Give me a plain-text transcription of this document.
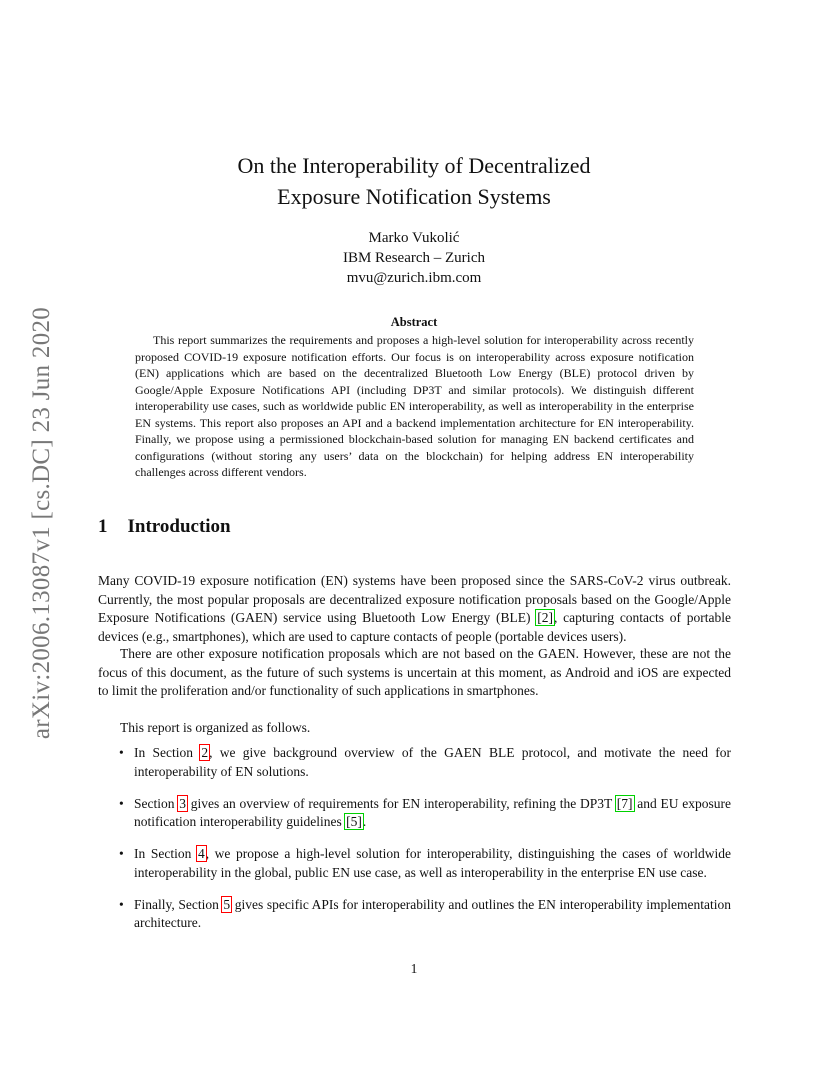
arXiv:2006.13087v1 [cs.DC] 23 Jun 2020
On the Interoperability of Decentralized
Exposure Notification Systems
Marko Vukolić
IBM Research – Zurich
mvu@zurich.ibm.com
Abstract

This report summarizes the requirements and proposes a high-level solution for interoperability across recently proposed COVID-19 exposure notification efforts. Our focus is on interoperability across exposure notification (EN) applications which are based on the decentralized Bluetooth Low Energy (BLE) protocol driven by Google/Apple Exposure Notifications API (including DP3T and similar protocols). We distinguish different interoperability use cases, such as worldwide public EN interoperability, as well as interoperability in the enterprise EN systems. This report also proposes an API and a backend implementation architecture for EN interoperability. Finally, we propose using a permissioned blockchain-based solution for managing EN backend certificates and configurations (without storing any users’ data on the blockchain) for helping address EN interoperability challenges across different vendors.

1 Introduction

Many COVID-19 exposure notification (EN) systems have been proposed since the SARS-CoV-2 virus outbreak. Currently, the most popular proposals are decentralized exposure notification proposals based on the Google/Apple Exposure Notifications (GAEN) service using Bluetooth Low Energy (BLE) [2], capturing contacts of portable devices (e.g., smartphones), which are used to capture contacts of people (portable devices users).

There are other exposure notification proposals which are not based on the GAEN. However, these are not the focus of this document, as the future of such systems is uncertain at this moment, as Android and iOS are expected to limit the proliferation and/or functionality of such applications in smartphones.

This report is organized as follows.

• In Section 2, we give background overview of the GAEN BLE protocol, and motivate the need for interoperability of EN solutions.
• Section 3 gives an overview of requirements for EN interoperability, refining the DP3T [7] and EU exposure notification interoperability guidelines [5].
• In Section 4, we propose a high-level solution for interoperability, distinguishing the cases of worldwide interoperability in the global, public EN use case, as well as interoperability in the enterprise EN use case.
• Finally, Section 5 gives specific APIs for interoperability and outlines the EN interoperability implementation architecture.
1
